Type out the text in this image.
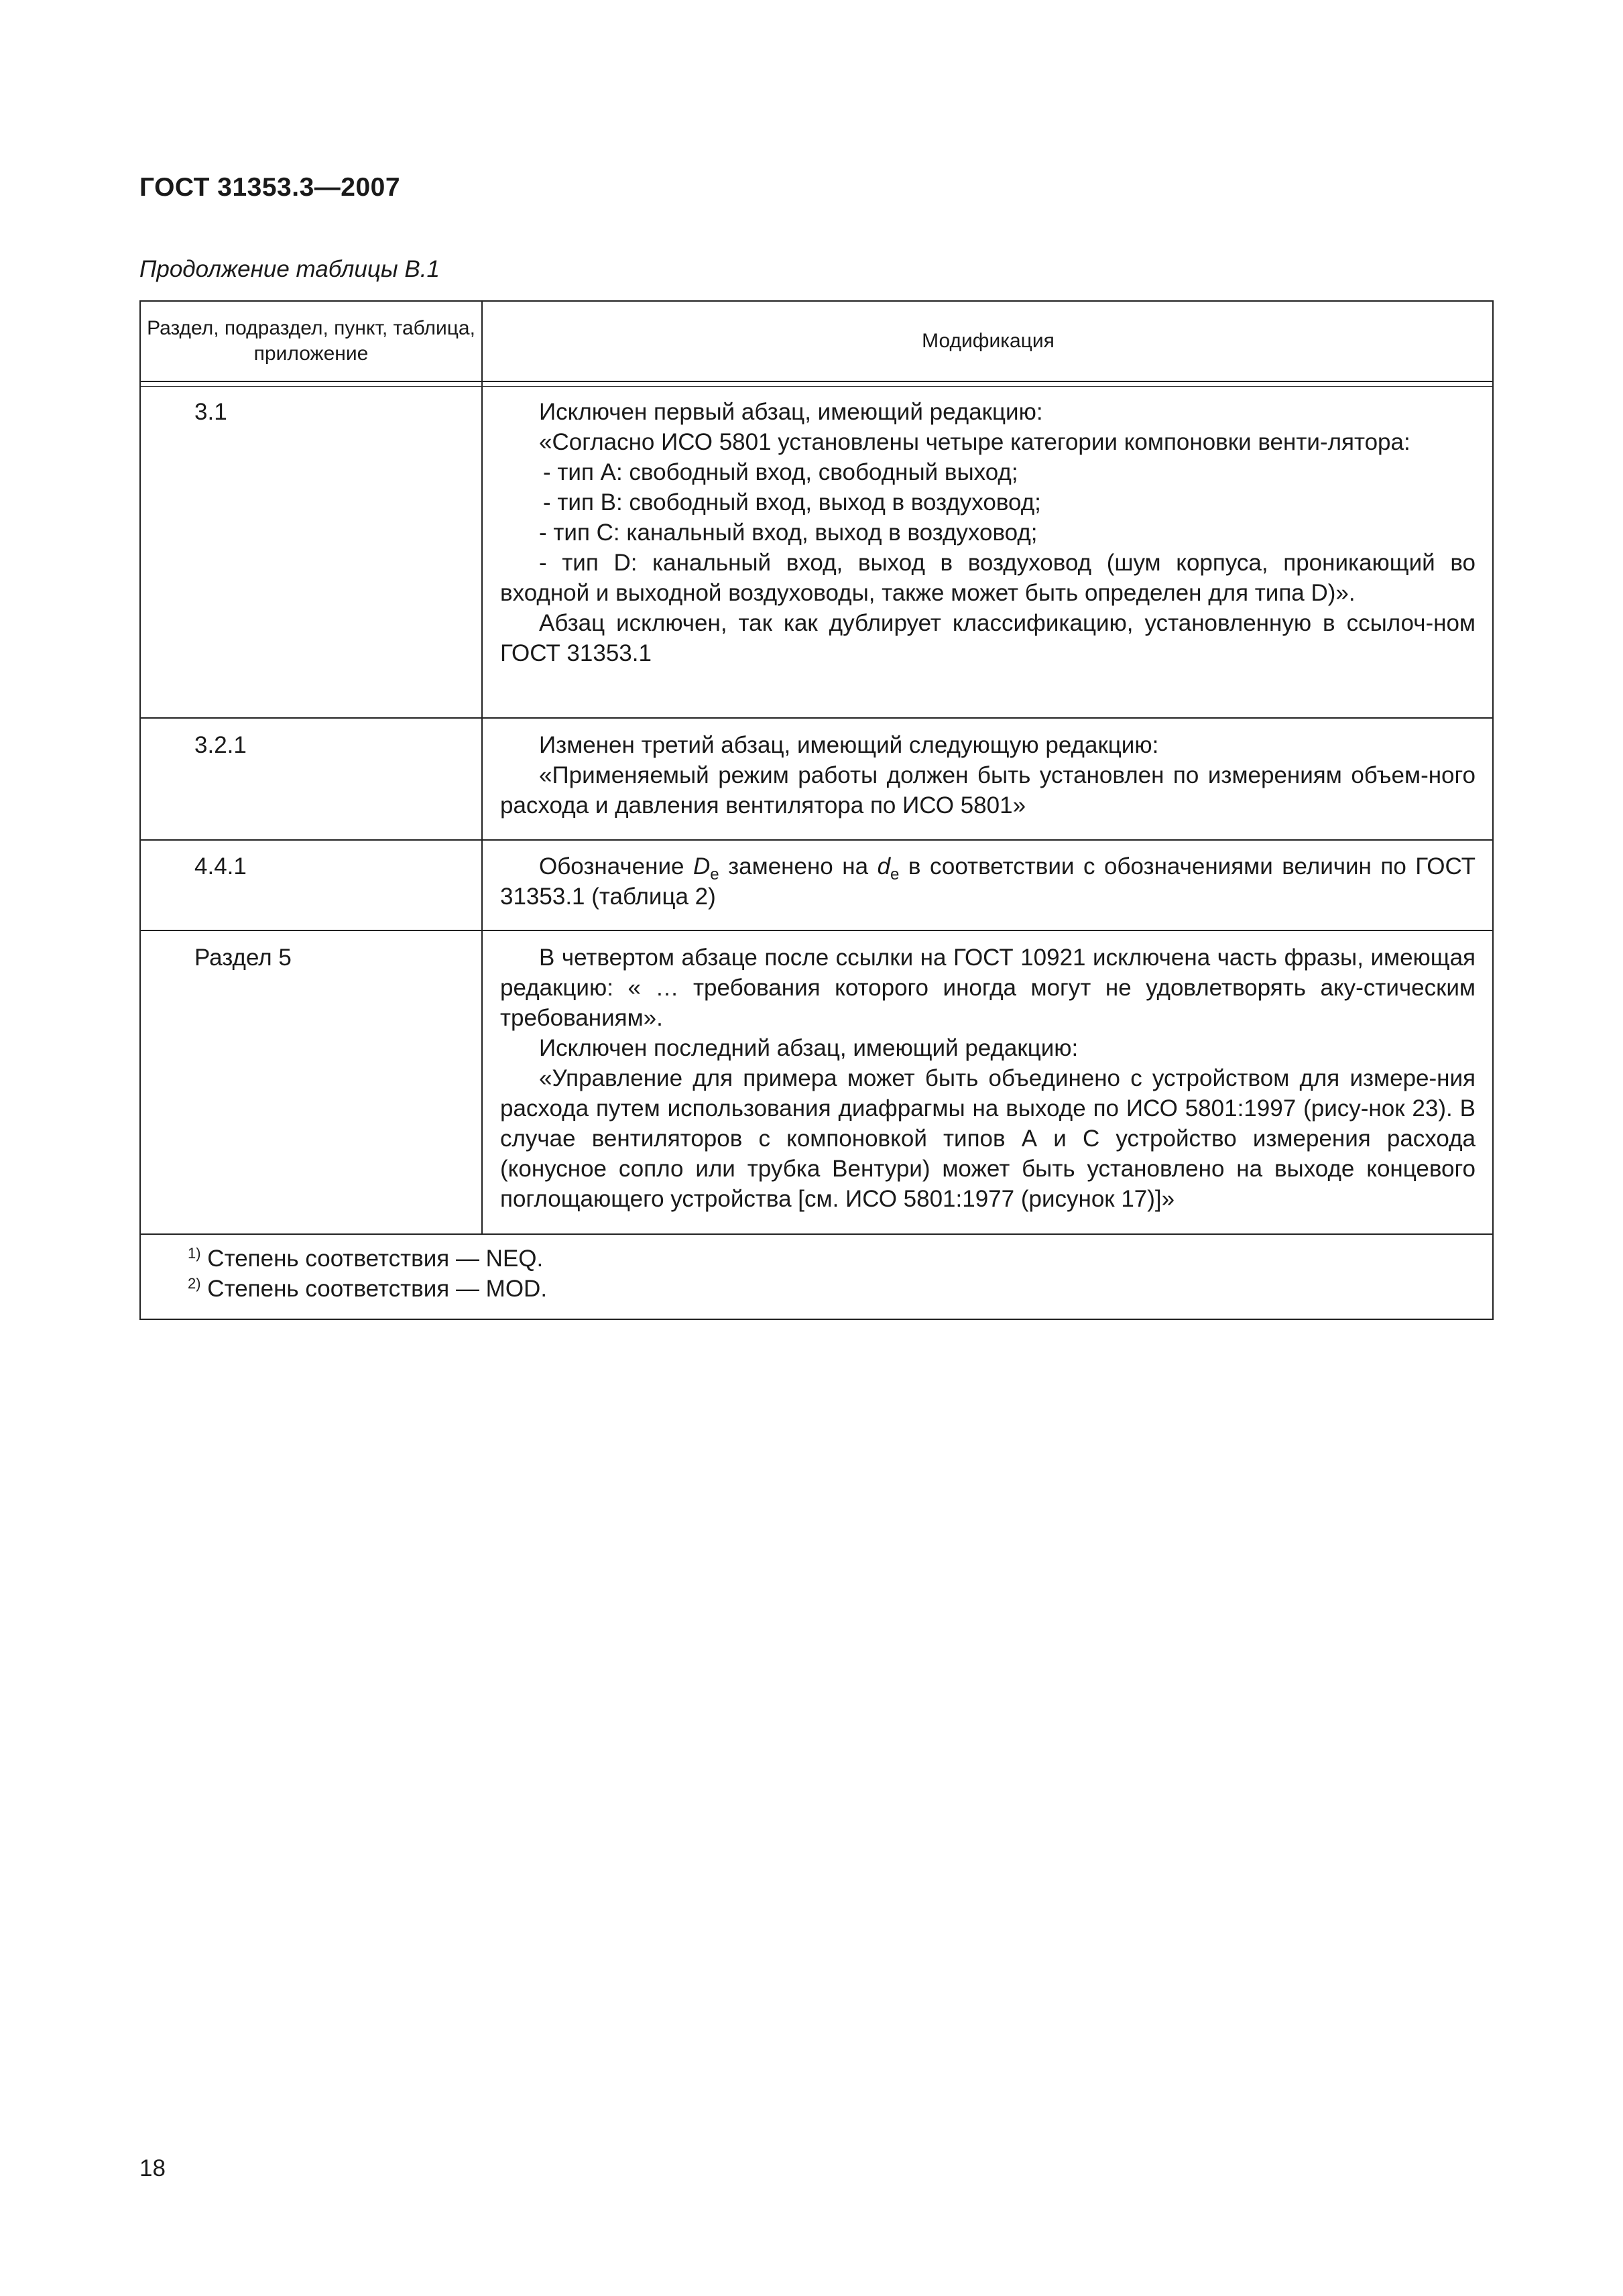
ГОСТ 31353.3—2007
Продолжение таблицы В.1
Раздел, подраздел, пункт, таблица, приложение
Модификация
3.1	Исключен первый абзац, имеющий редакцию:

«Согласно ИСО 5801 установлены четыре категории компоновки венти-лятора:

- тип А: свободный вход, свободный выход;

- тип В: свободный вход, выход в воздуховод;

- тип С: канальный вход, выход в воздуховод;

- тип D: канальный вход, выход в воздуховод (шум корпуса, проникающий во входной и выходной воздуховоды, также может быть определен для типа D)».

Абзац исключен, так как дублирует классификацию, установленную в ссылоч-ном ГОСТ 31353.1

3.2.1	Изменен третий абзац, имеющий следующую редакцию:

«Применяемый режим работы должен быть установлен по измерениям объем-ного расхода и давления вентилятора по ИСО 5801»

4.4.1	Обозначение $D_e$ заменено на $d_e$ в соответствии с обозначениями величин по ГОСТ 31353.1 (таблица 2)

Раздел 5	В четвертом абзаце после ссылки на ГОСТ 10921 исключена часть фразы, имеющая редакцию: « … требования которого иногда могут не удовлетворять аку-стическим требованиям».

Исключен последний абзац, имеющий редакцию:

«Управление для примера может быть объединено с устройством для измере-ния расхода путем использования диафрагмы на выходе по ИСО 5801:1997 (рису-нок 23). В случае вентиляторов с компоновкой типов А и С устройство измерения расхода (конусное сопло или трубка Вентури) может быть установлено на выходе концевого поглощающего устройства [см. ИСО 5801:1977 (рисунок 17)]»

$^{1)}$ Степень соответствия — NEQ.
$^{2)}$ Степень соответствия — MOD.
18
